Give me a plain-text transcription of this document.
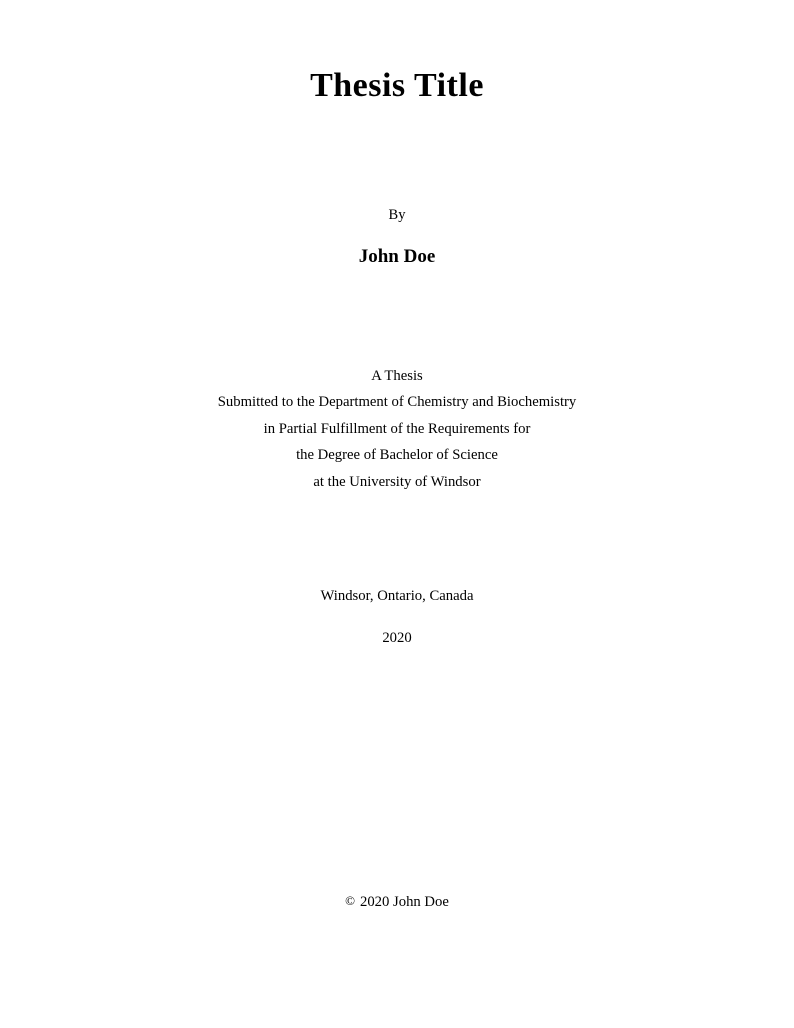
Thesis Title
By
John Doe
A Thesis
Submitted to the Department of Chemistry and Biochemistry
in Partial Fulfillment of the Requirements for
the Degree of Bachelor of Science
at the University of Windsor
Windsor, Ontario, Canada
2020
© 2020 John Doe
